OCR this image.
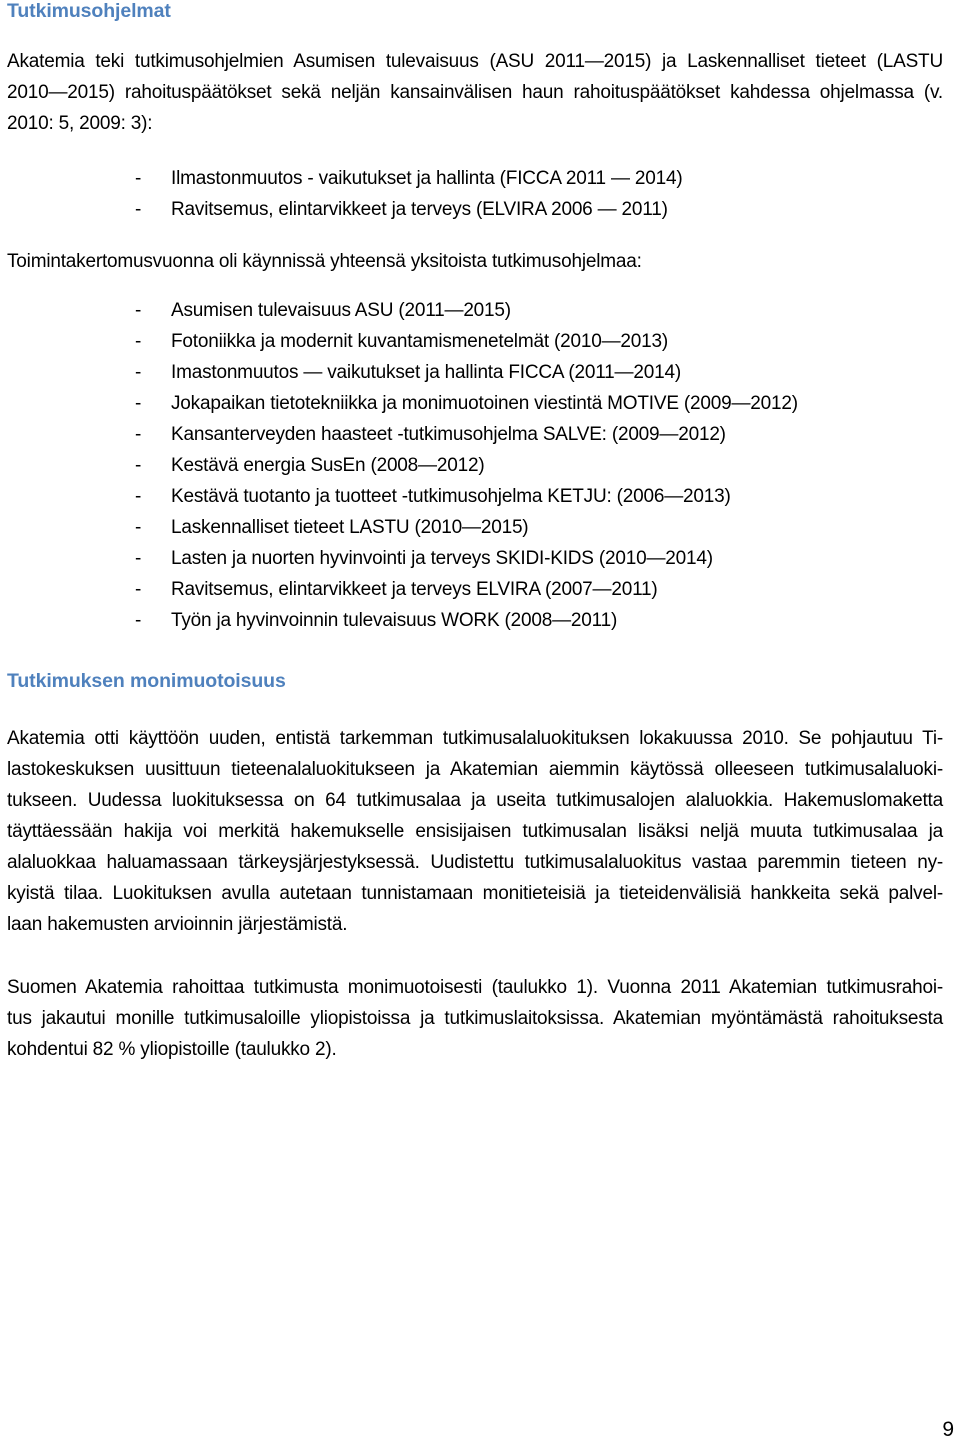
Tutkimusohjelmat
Akatemia teki tutkimusohjelmien Asumisen tulevaisuus (ASU 2011—2015) ja Laskennalliset tieteet (LASTU
2010—2015) rahoituspäätökset sekä neljän kansainvälisen haun rahoituspäätökset kahdessa ohjelmassa (v.
2010: 5, 2009: 3):
- Ilmastonmuutos - vaikutukset ja hallinta (FICCA 2011 — 2014)
- Ravitsemus, elintarvikkeet ja terveys (ELVIRA 2006 — 2011)
Toimintakertomusvuonna oli käynnissä yhteensä yksitoista tutkimusohjelmaa:
- Asumisen tulevaisuus ASU (2011—2015)
- Fotoniikka ja modernit kuvantamismenetelmät (2010—2013)
- Imastonmuutos — vaikutukset ja hallinta FICCA (2011—2014)
- Jokapaikan tietotekniikka ja monimuotoinen viestintä MOTIVE (2009—2012)
- Kansanterveyden haasteet -tutkimusohjelma SALVE: (2009—2012)
- Kestävä energia SusEn (2008—2012)
- Kestävä tuotanto ja tuotteet -tutkimusohjelma KETJU: (2006—2013)
- Laskennalliset tieteet LASTU (2010—2015)
- Lasten ja nuorten hyvinvointi ja terveys SKIDI-KIDS (2010—2014)
- Ravitsemus, elintarvikkeet ja terveys ELVIRA (2007—2011)
- Työn ja hyvinvoinnin tulevaisuus WORK (2008—2011)
Tutkimuksen monimuotoisuus
Akatemia otti käyttöön uuden, entistä tarkemman tutkimusalaluokituksen lokakuussa 2010. Se pohjautuu Ti-
lastokeskuksen uusittuun tieteenalaluokitukseen ja Akatemian aiemmin käytössä olleeseen tutkimusalaluoki-
tukseen. Uudessa luokituksessa on 64 tutkimusalaa ja useita tutkimusalojen alaluokkia. Hakemuslomaketta
täyttäessään hakija voi merkitä hakemukselle ensisijaisen tutkimusalan lisäksi neljä muuta tutkimusalaa ja
alaluokkaa haluamassaan tärkeysjärjestyksessä. Uudistettu tutkimusalaluokitus vastaa paremmin tieteen ny-
kyistä tilaa. Luokituksen avulla autetaan tunnistamaan monitieteisiä ja tieteidenvälisiä hankkeita sekä palvel-
laan hakemusten arvioinnin järjestämistä.
Suomen Akatemia rahoittaa tutkimusta monimuotoisesti (taulukko 1). Vuonna 2011 Akatemian tutkimusrahoi-
tus jakautui monille tutkimusaloille yliopistoissa ja tutkimuslaitoksissa. Akatemian myöntämästä rahoituksesta
kohdentui 82 % yliopistoille (taulukko 2).
9
